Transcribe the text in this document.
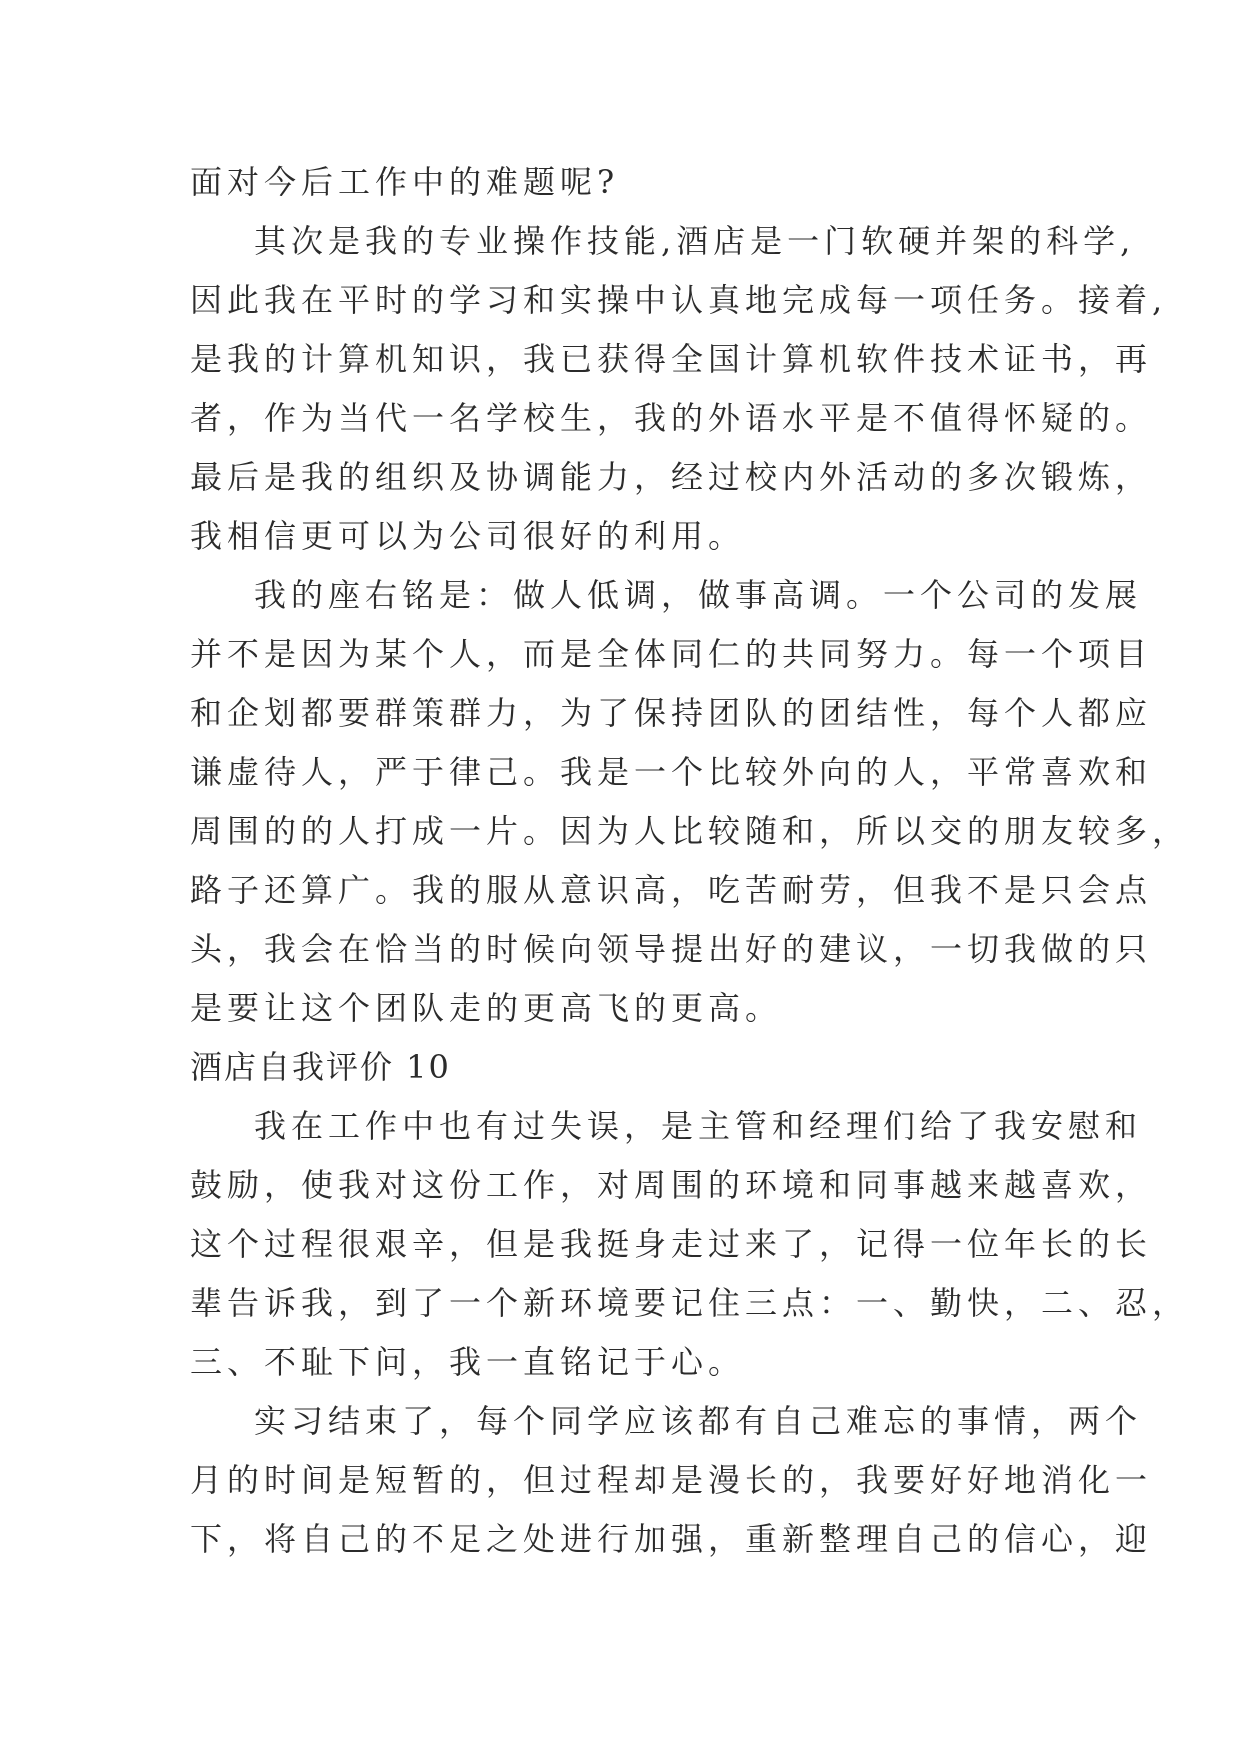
面对今后工作中的难题呢?
其次是我的专业操作技能,酒店是一门软硬并架的科学,
因此我在平时的学习和实操中认真地完成每一项任务。接着,
是我的计算机知识，我已获得全国计算机软件技术证书，再
者，作为当代一名学校生，我的外语水平是不值得怀疑的。
最后是我的组织及协调能力，经过校内外活动的多次锻炼，
我相信更可以为公司很好的利用。
我的座右铭是：做人低调，做事高调。一个公司的发展
并不是因为某个人，而是全体同仁的共同努力。每一个项目
和企划都要群策群力，为了保持团队的团结性，每个人都应
谦虚待人，严于律己。我是一个比较外向的人，平常喜欢和
周围的的人打成一片。因为人比较随和，所以交的朋友较多，
路子还算广。我的服从意识高，吃苦耐劳，但我不是只会点
头，我会在恰当的时候向领导提出好的建议，一切我做的只
是要让这个团队走的更高飞的更高。
酒店自我评价 10
我在工作中也有过失误，是主管和经理们给了我安慰和
鼓励，使我对这份工作，对周围的环境和同事越来越喜欢，
这个过程很艰辛，但是我挺身走过来了，记得一位年长的长
辈告诉我，到了一个新环境要记住三点：一、勤快，二、忍，
三、不耻下问，我一直铭记于心。
实习结束了，每个同学应该都有自己难忘的事情，两个
月的时间是短暂的，但过程却是漫长的，我要好好地消化一
下，将自己的不足之处进行加强，重新整理自己的信心，迎
